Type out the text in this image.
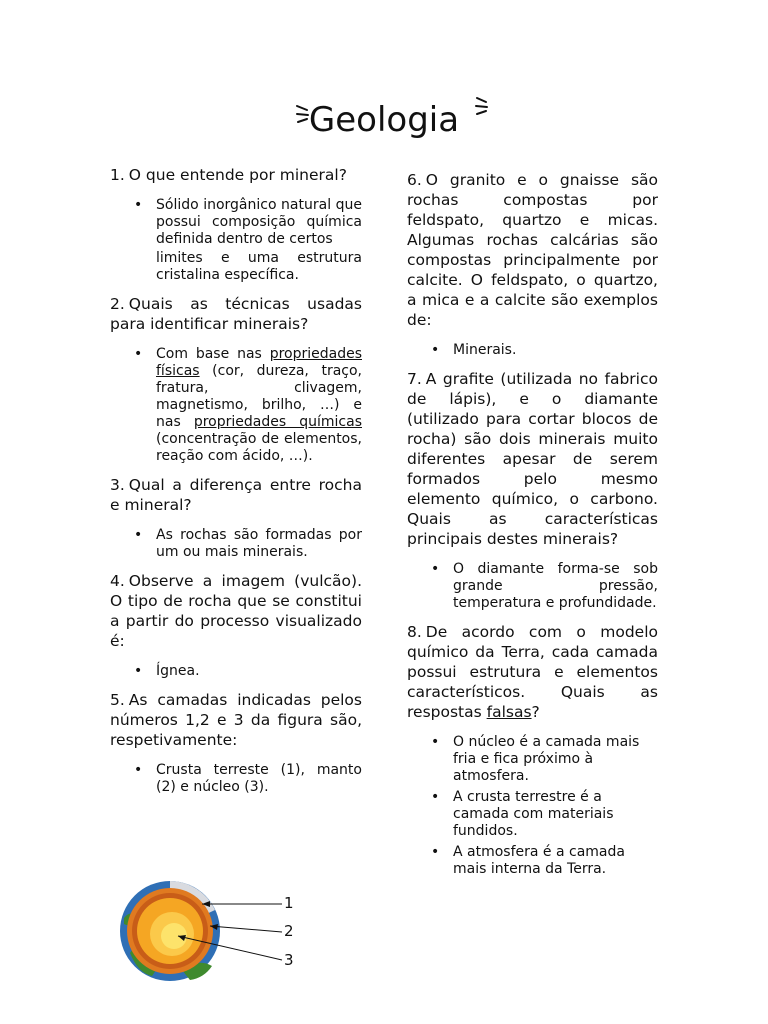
Geologia

1. O que entende por mineral?

• Sólido inorgânico natural que possui composição química definida dentro de certos
limites e uma estrutura cristalina específica.

2. Quais as técnicas usadas para identificar minerais?

• Com base nas propriedades físicas (cor, dureza, traço, fratura, clivagem, magnetismo, brilho, …) e nas propriedades químicas (concentração de elementos, reação com ácido, …).

3. Qual a diferença entre rocha e mineral?

• As rochas são formadas por um ou mais minerais.

4. Observe a imagem (vulcão). O tipo de rocha que se constitui a partir do processo visualizado é:

• Ígnea.

5. As camadas indicadas pelos números 1,2 e 3 da figura são, respetivamente:

• Crusta terreste (1), manto (2) e núcleo (3).
1
2
3

6. O granito e o gnaisse são rochas compostas por feldspato, quartzo e micas. Algumas rochas calcárias são compostas principalmente por calcite. O feldspato, o quartzo, a mica e a calcite são exemplos de:

• Minerais.

7. A grafite (utilizada no fabrico de lápis), e o diamante (utilizado para cortar blocos de rocha) são dois minerais muito diferentes apesar de serem formados pelo mesmo elemento químico, o carbono. Quais as características principais destes minerais?

• O diamante forma-se sob grande pressão, temperatura e profundidade.

8. De acordo com o modelo químico da Terra, cada camada possui estrutura e elementos característicos. Quais as respostas falsas?

• O núcleo é a camada mais fria e fica próximo à atmosfera.
• A crusta terrestre é a camada com materiais fundidos.
• A atmosfera é a camada mais interna da Terra.
